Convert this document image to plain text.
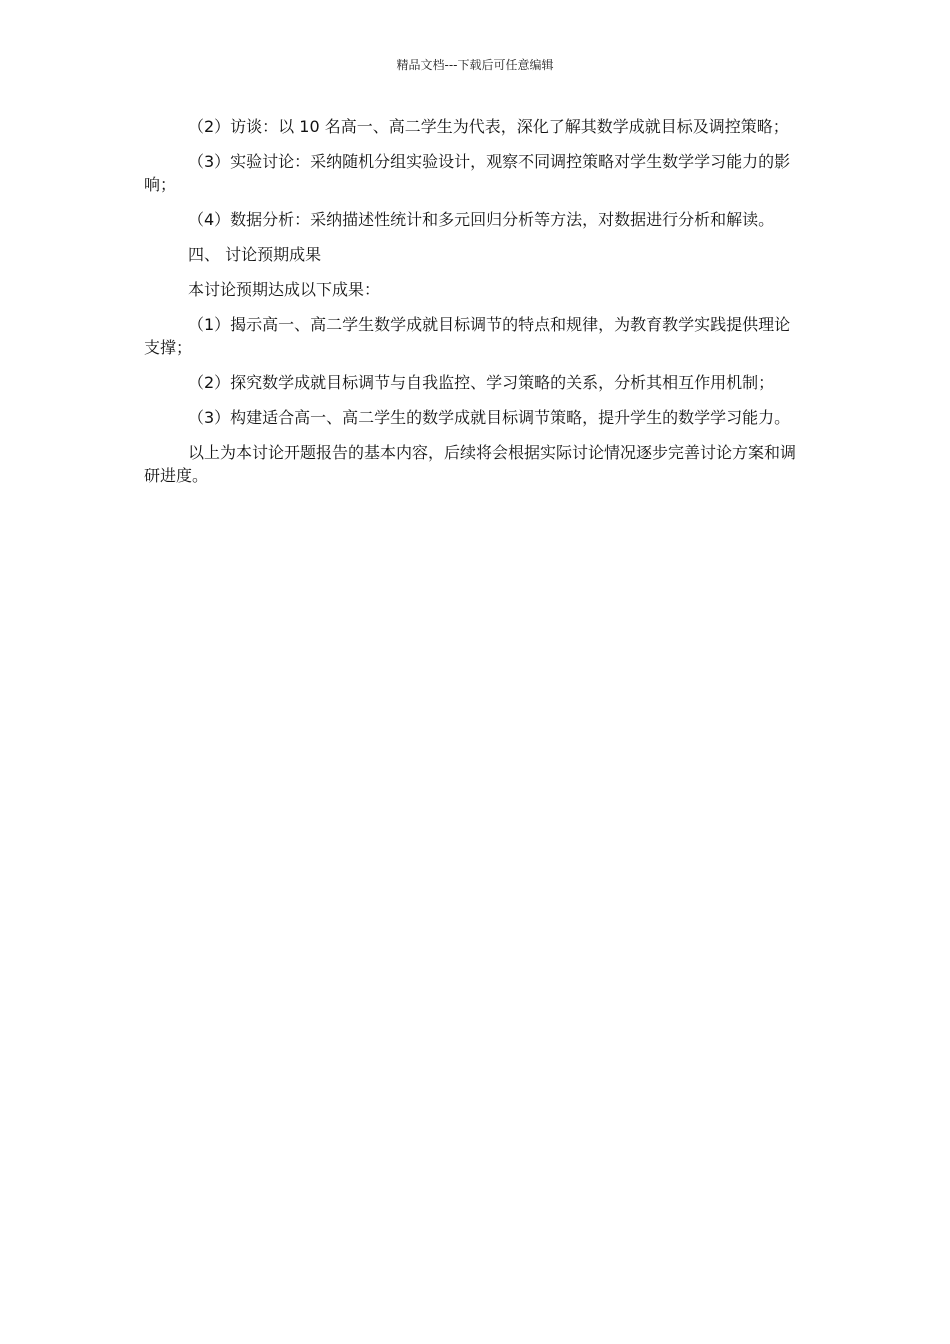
精品文档---下载后可任意编辑

（2）访谈：以 10 名高一、高二学生为代表，深化了解其数学成就目标及调控策略；

（3）实验讨论：采纳随机分组实验设计，观察不同调控策略对学生数学学习能力的影响；

（4）数据分析：采纳描述性统计和多元回归分析等方法，对数据进行分析和解读。

四、 讨论预期成果

本讨论预期达成以下成果：

（1）揭示高一、高二学生数学成就目标调节的特点和规律，为教育教学实践提供理论支撑；

（2）探究数学成就目标调节与自我监控、学习策略的关系，分析其相互作用机制；

（3）构建适合高一、高二学生的数学成就目标调节策略，提升学生的数学学习能力。

以上为本讨论开题报告的基本内容，后续将会根据实际讨论情况逐步完善讨论方案和调研进度。
